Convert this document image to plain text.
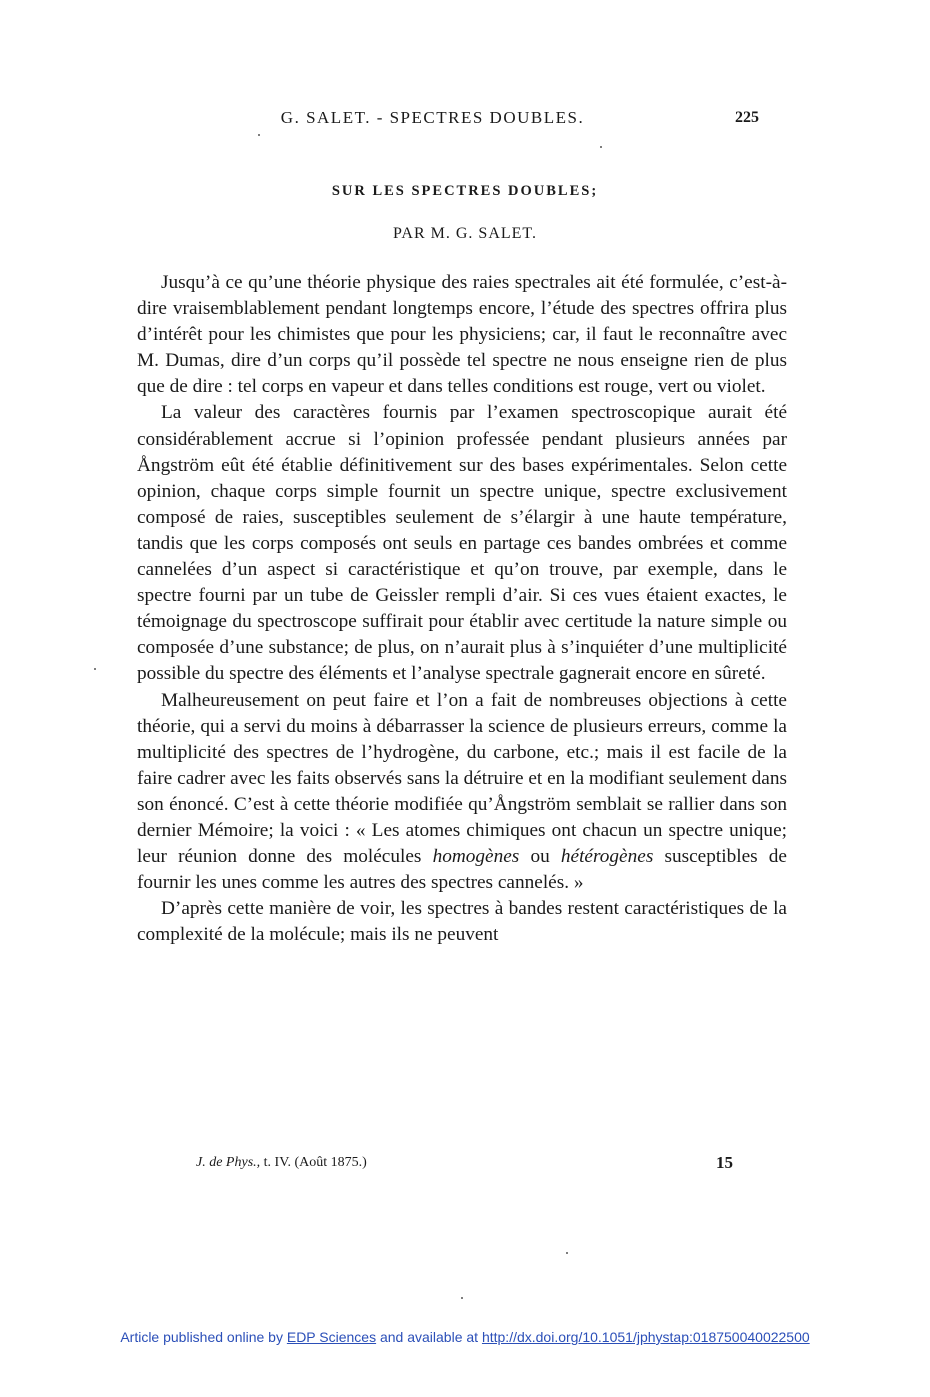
G. SALET. - SPECTRES DOUBLES.	225
SUR LES SPECTRES DOUBLES;
PAR M. G. SALET.

Jusqu’à ce qu’une théorie physique des raies spectrales ait été formulée, c’est-à-dire vraisemblablement pendant longtemps encore, l’étude des spectres offrira plus d’intérêt pour les chimistes que pour les physiciens; car, il faut le reconnaître avec M. Dumas, dire d’un corps qu’il possède tel spectre ne nous enseigne rien de plus que de dire : tel corps en vapeur et dans telles conditions est rouge, vert ou violet.

La valeur des caractères fournis par l’examen spectroscopique aurait été considérablement accrue si l’opinion professée pendant plusieurs années par Ångström eût été établie définitivement sur des bases expérimentales. Selon cette opinion, chaque corps simple fournit un spectre unique, spectre exclusivement composé de raies, susceptibles seulement de s’élargir à une haute température, tandis que les corps composés ont seuls en partage ces bandes ombrées et comme cannelées d’un aspect si caractéristique et qu’on trouve, par exemple, dans le spectre fourni par un tube de Geissler rempli d’air. Si ces vues étaient exactes, le témoignage du spectroscope suffirait pour établir avec certitude la nature simple ou composée d’une substance; de plus, on n’aurait plus à s’inquiéter d’une multiplicité possible du spectre des éléments et l’analyse spectrale gagnerait encore en sûreté.

Malheureusement on peut faire et l’on a fait de nombreuses objections à cette théorie, qui a servi du moins à débarrasser la science de plusieurs erreurs, comme la multiplicité des spectres de l’hydrogène, du carbone, etc.; mais il est facile de la faire cadrer avec les faits observés sans la détruire et en la modifiant seulement dans son énoncé. C’est à cette théorie modifiée qu’Ångström semblait se rallier dans son dernier Mémoire; la voici : « Les atomes chimiques ont chacun un spectre unique; leur réunion donne des molécules homogènes ou hétérogènes susceptibles de fournir les unes comme les autres des spectres cannelés. »

D’après cette manière de voir, les spectres à bandes restent caractéristiques de la complexité de la molécule; mais ils ne peuvent

J. de Phys., t. IV. (Août 1875.)	15
Article published online by EDP Sciences and available at http://dx.doi.org/10.1051/jphystap:018750040022500
